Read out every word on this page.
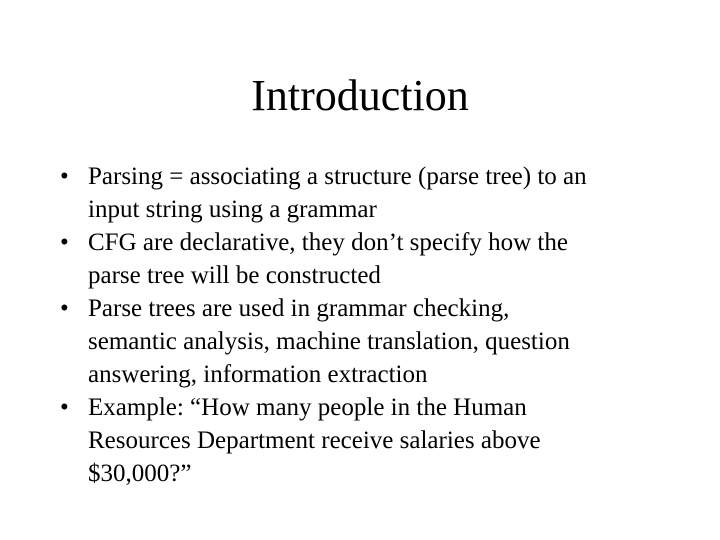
Introduction
• Parsing = associating a structure (parse tree) to an
input string using a grammar
• CFG are declarative, they don’t specify how the
parse tree will be constructed
• Parse trees are used in grammar checking,
semantic analysis, machine translation, question
answering, information extraction
• Example: “How many people in the Human
Resources Department receive salaries above
$30,000?”
